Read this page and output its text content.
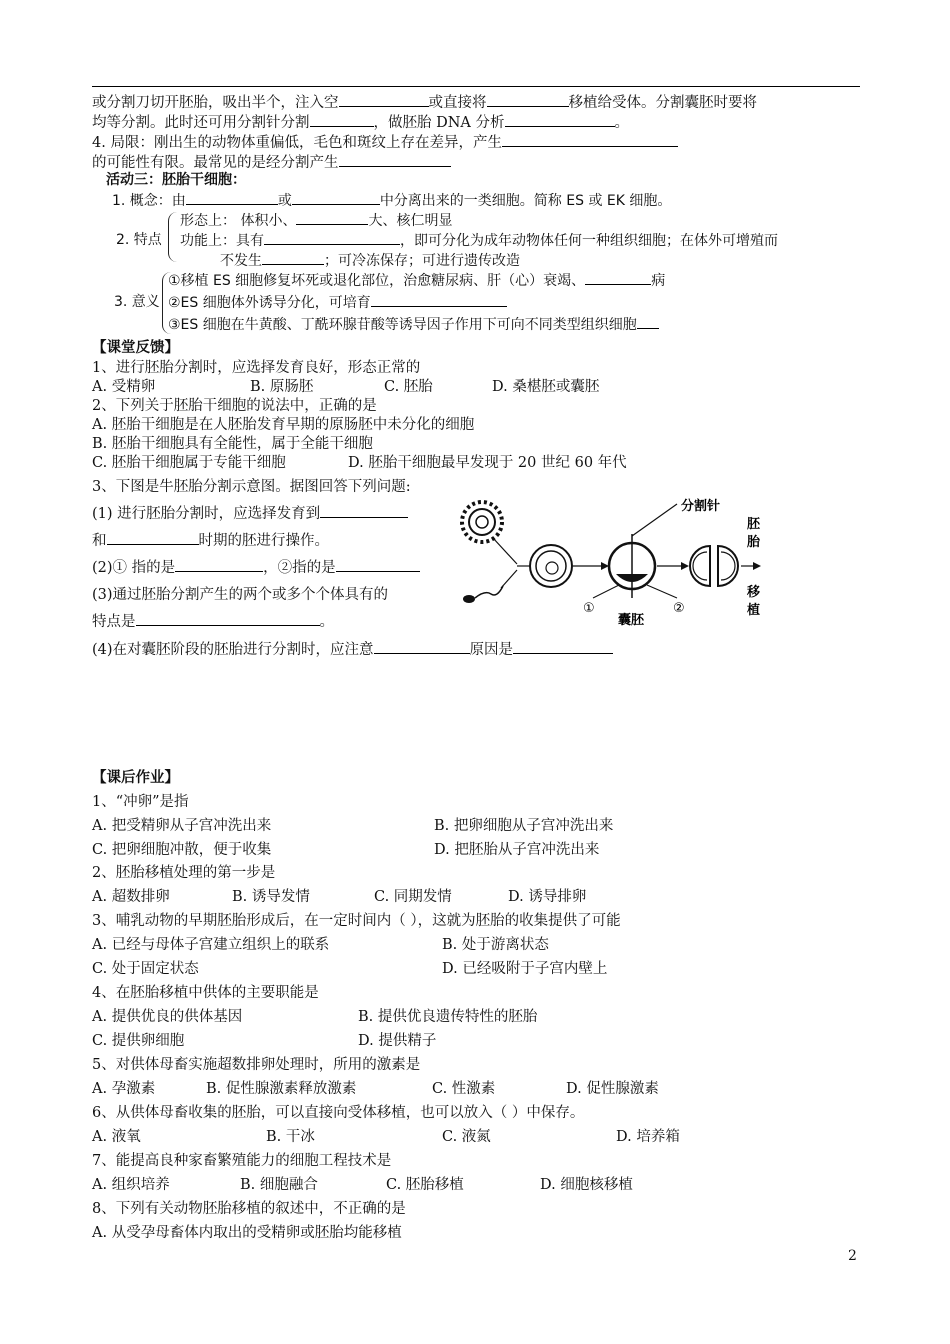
或分割刀切开胚胎，吸出半个，注入空	或直接将	移植给受体。分割囊胚时要将
均等分割。此时还可用分割针分割	，做胚胎 DNA 分析	。
4. 局限：刚出生的动物体重偏低，毛色和斑纹上存在差异，产生
的可能性有限。最常见的是经分割产生
活动三：胚胎干细胞：
1. 概念：由	或	中分离出来的一类细胞。简称 ES 或 EK 细胞。
2. 特点
形态上： 体积小、	大、核仁明显
功能上：具有	，即可分化为成年动物体任何一种组织细胞；在体外可增殖而
不发生	；可冷冻保存；可进行遗传改造
3. 意义
①移植 ES 细胞修复坏死或退化部位，治愈糖尿病、肝（心）衰竭、	病
②ES 细胞体外诱导分化，可培育
③ES 细胞在牛黄酸、丁酰环腺苷酸等诱导因子作用下可向不同类型组织细胞
【课堂反馈】
1、进行胚胎分割时，应选择发育良好，形态正常的
A. 受精卵	B. 原肠胚	C. 胚胎	D. 桑椹胚或囊胚
2、下列关于胚胎干细胞的说法中，正确的是
A. 胚胎干细胞是在人胚胎发育早期的原肠胚中未分化的细胞
B. 胚胎干细胞具有全能性，属于全能干细胞
C. 胚胎干细胞属于专能干细胞	D. 胚胎干细胞最早发现于 20 世纪 60 年代
3、下图是牛胚胎分割示意图。据图回答下列问题:
(1) 进行胚胎分割时，应选择发育到
和	时期的胚进行操作。
(2)① 指的是	，②指的是
(3)通过胚胎分割产生的两个或多个个体具有的
特点是	。
(4)在对囊胚阶段的胚胎进行分割时，应注意	原因是
分割针
①	②
囊胚
胚
胎
移
植
【课后作业】
1、“冲卵”是指
A. 把受精卵从子宫冲洗出来	B. 把卵细胞从子宫冲洗出来
C. 把卵细胞冲散，便于收集	D. 把胚胎从子宫冲洗出来
2、胚胎移植处理的第一步是
A. 超数排卵	B. 诱导发情	C. 同期发情	D. 诱导排卵
3、哺乳动物的早期胚胎形成后，在一定时间内（ ），这就为胚胎的收集提供了可能
A. 已经与母体子宫建立组织上的联系	B. 处于游离状态
C. 处于固定状态	D. 已经吸附于子宫内壁上
4、在胚胎移植中供体的主要职能是
A. 提供优良的供体基因	B. 提供优良遗传特性的胚胎
C. 提供卵细胞	D. 提供精子
5、对供体母畜实施超数排卵处理时，所用的激素是
A. 孕激素	B. 促性腺激素释放激素	C. 性激素	D. 促性腺激素
6、从供体母畜收集的胚胎，可以直接向受体移植，也可以放入（ ）中保存。
A. 液氧	B. 干冰	C. 液氮	D. 培养箱
7、能提高良种家畜繁殖能力的细胞工程技术是
A. 组织培养	B. 细胞融合	C. 胚胎移植	D. 细胞核移植
8、下列有关动物胚胎移植的叙述中，不正确的是
A. 从受孕母畜体内取出的受精卵或胚胎均能移植
2
